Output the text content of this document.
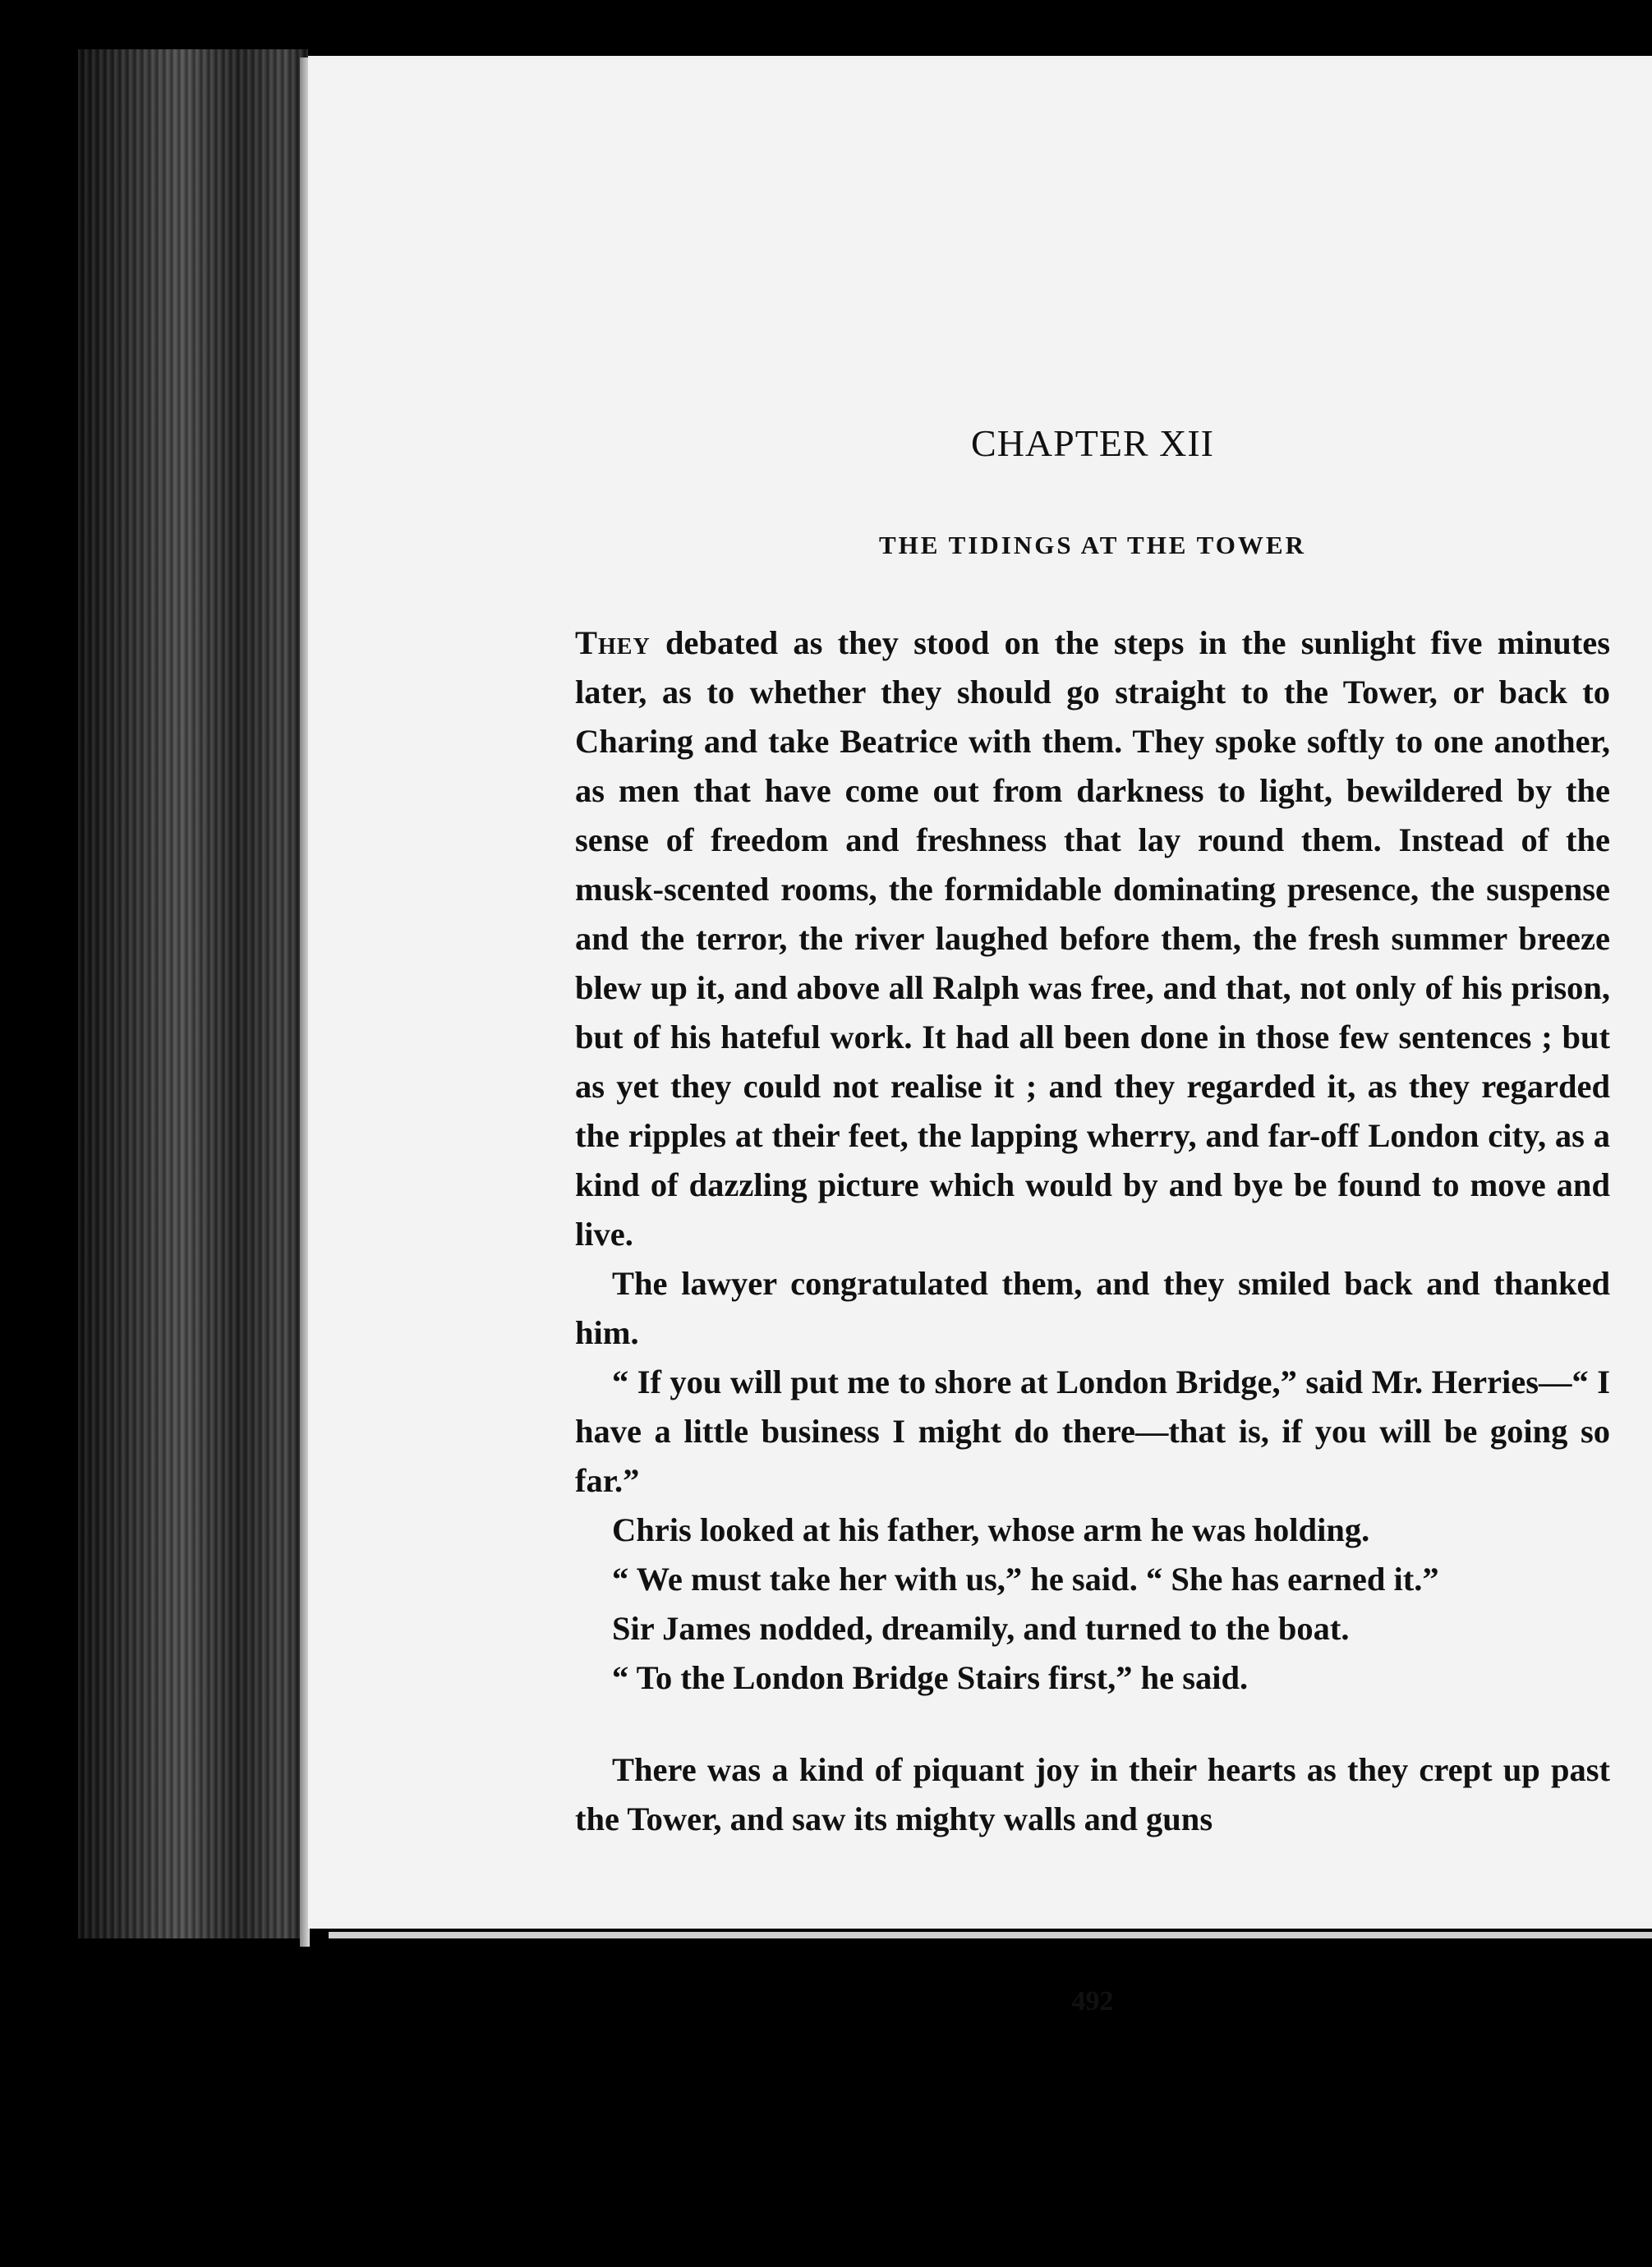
CHAPTER XII
THE TIDINGS AT THE TOWER

They debated as they stood on the steps in the sunlight five minutes later, as to whether they should go straight to the Tower, or back to Charing and take Beatrice with them. They spoke softly to one another, as men that have come out from darkness to light, bewildered by the sense of freedom and freshness that lay round them. Instead of the musk-scented rooms, the formidable dominating presence, the suspense and the terror, the river laughed before them, the fresh summer breeze blew up it, and above all Ralph was free, and that, not only of his prison, but of his hateful work. It had all been done in those few sentences ; but as yet they could not realise it ; and they regarded it, as they regarded the ripples at their feet, the lapping wherry, and far-off London city, as a kind of dazzling picture which would by and bye be found to move and live.

The lawyer congratulated them, and they smiled back and thanked him.

“ If you will put me to shore at London Bridge,” said Mr. Herries—“ I have a little business I might do there—that is, if you will be going so far.”

Chris looked at his father, whose arm he was holding.

“ We must take her with us,” he said. “ She has earned it.”

Sir James nodded, dreamily, and turned to the boat.

“ To the London Bridge Stairs first,” he said.

There was a kind of piquant joy in their hearts as they crept up past the Tower, and saw its mighty walls and guns

492
